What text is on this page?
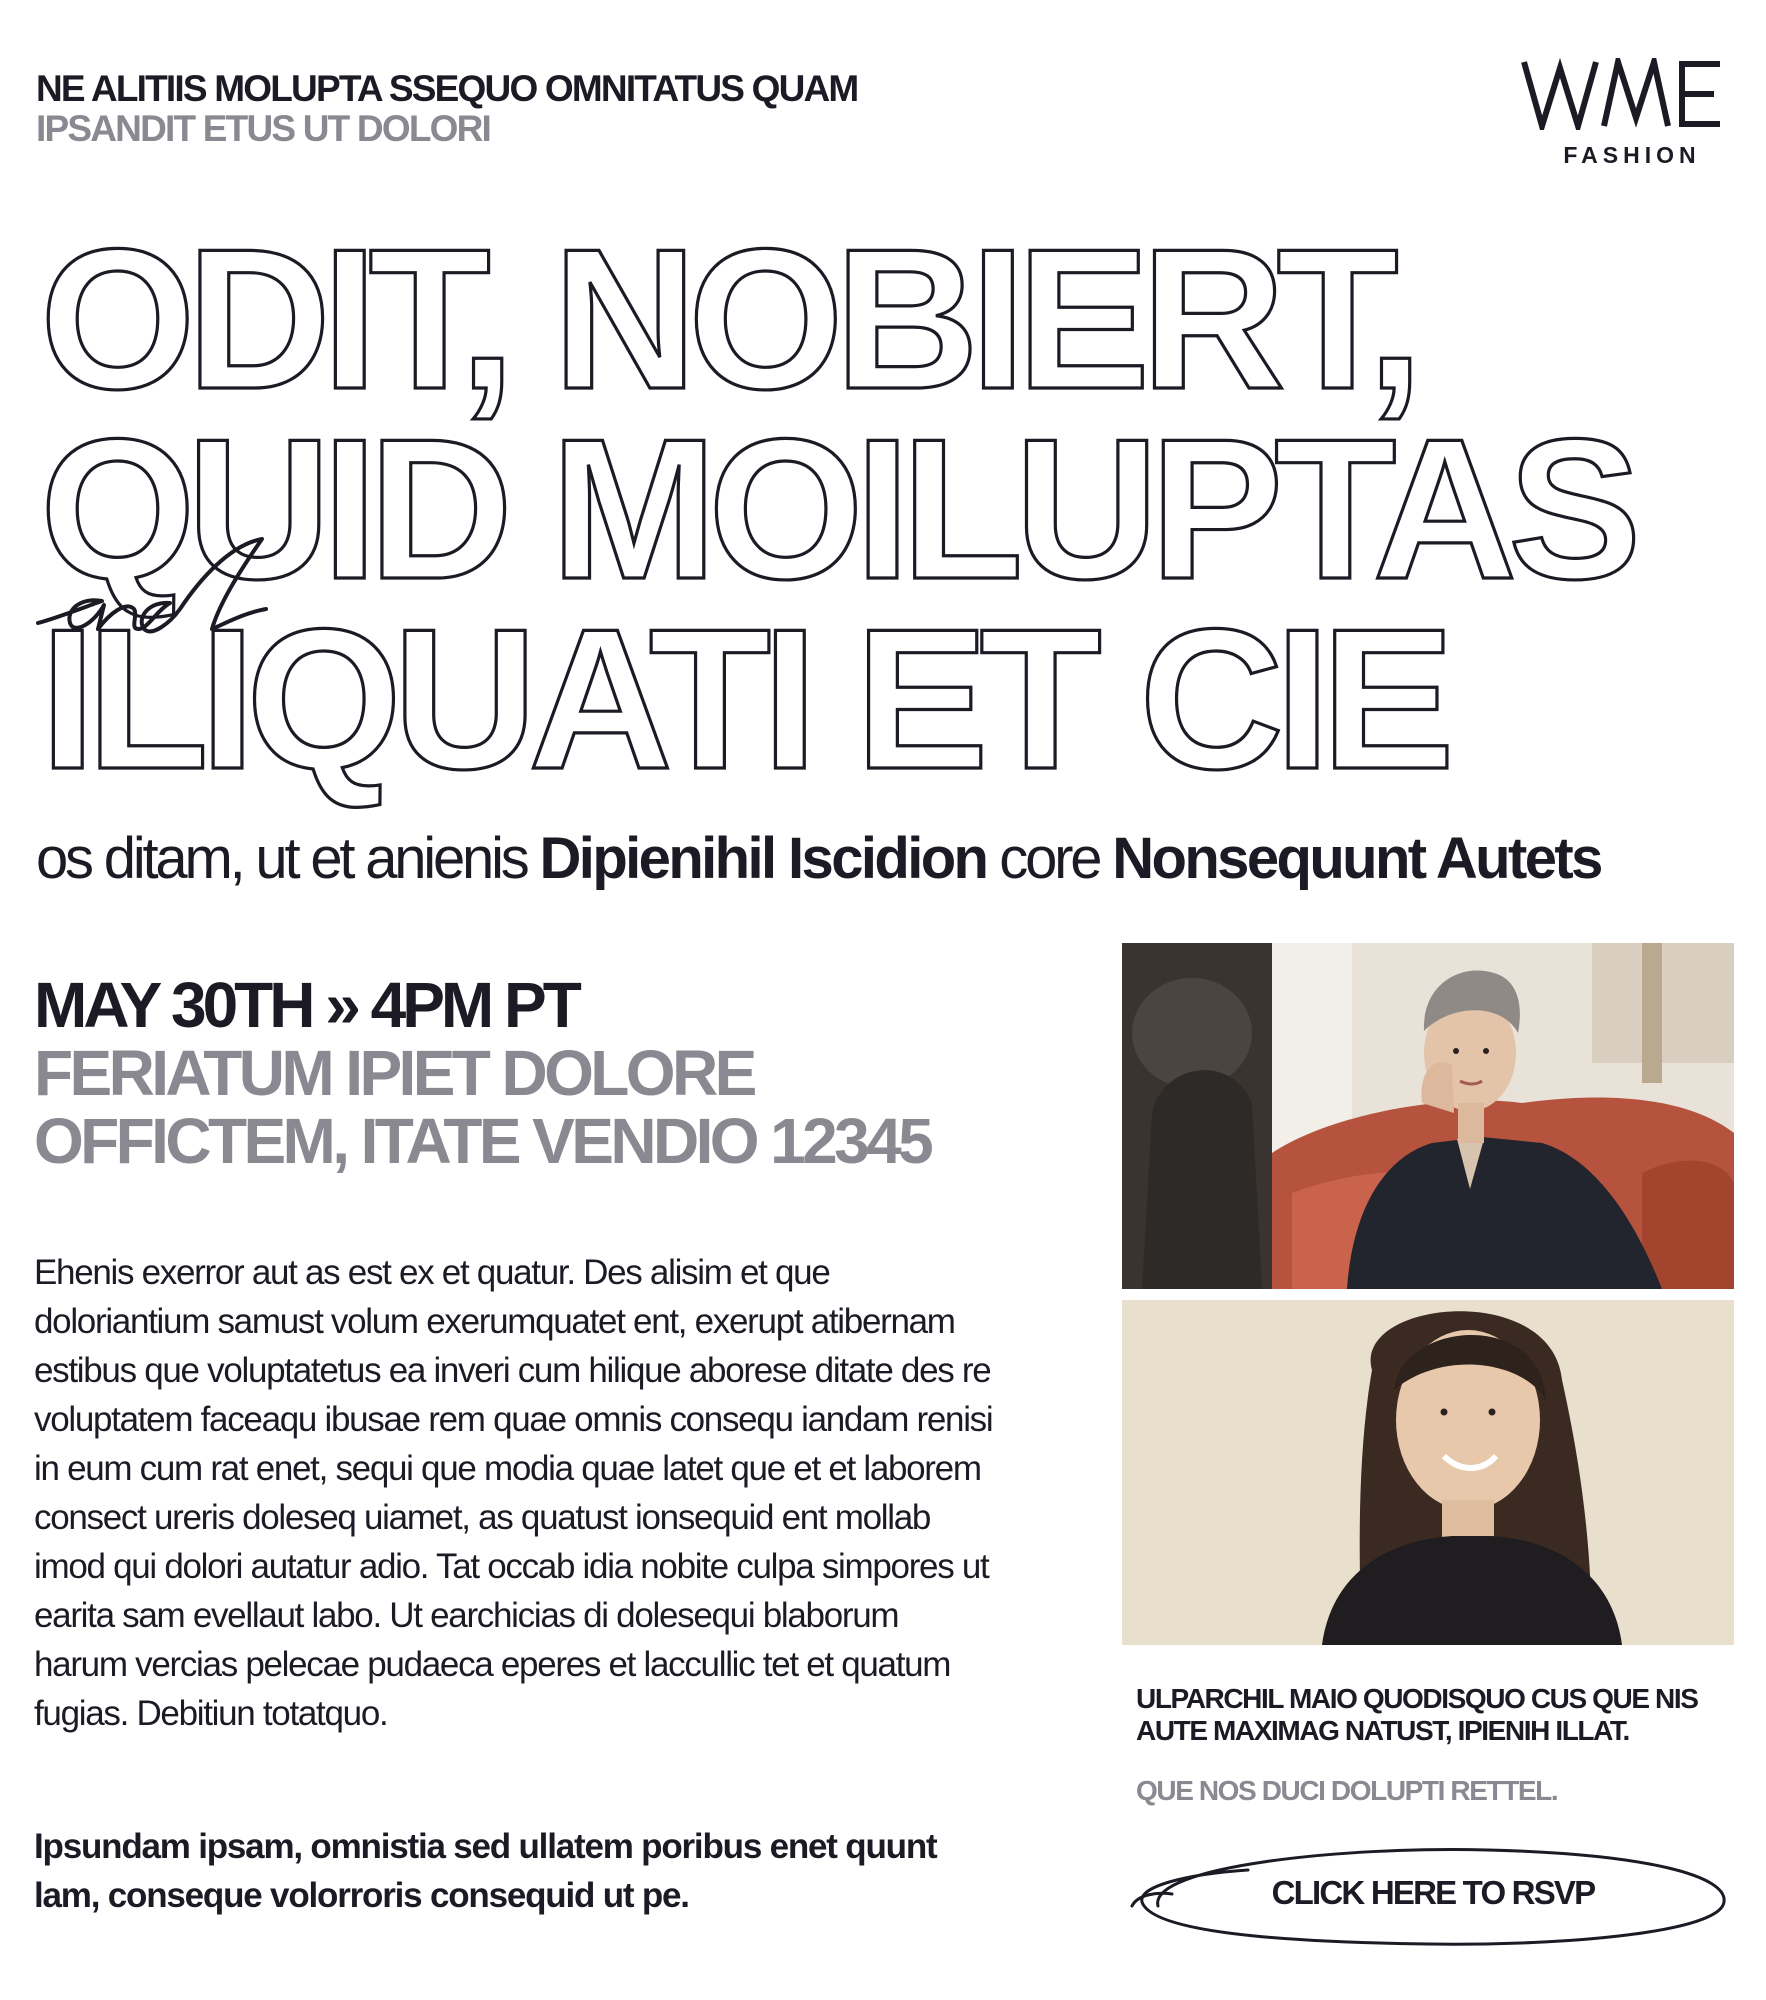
NE ALITIIS MOLUPTA SSEQUO OMNITATUS QUAM
IPSANDIT ETUS UT DOLORI
FASHION
ODIT, NOBIERT,
QUID MOILUPTAS
ILIQUATI ET CIE
os ditam, ut et anienis Dipienihil Iscidion core Nonsequunt Autets
MAY 30TH » 4PM PT
FERIATUM IPIET DOLORE
OFFICTEM, ITATE VENDIO 12345
Ehenis exerror aut as est ex et quatur. Des alisim et que doloriantium samust volum exerumquatet ent, exerupt atibernam estibus que voluptatetus ea inveri cum hilique aborese ditate des re voluptatem faceaqu ibusae rem quae omnis consequ iandam renisi in eum cum rat enet, sequi que modia quae latet que et et laborem consect ureris doleseq uiamet, as quatust ionsequid ent mollab imod qui dolori autatur adio. Tat occab idia nobite culpa simpores ut earita sam evellaut labo. Ut earchicias di dolesequi blaborum harum vercias pelecae pudaeca eperes et laccullic tet et quatum fugias. Debitiun totatquo.
Ipsundam ipsam, omnistia sed ullatem poribus enet quunt lam, conseque volorroris consequid ut pe.
ULPARCHIL MAIO QUODISQUO CUS QUE NIS AUTE MAXIMAG NATUST, IPIENIH ILLAT.
QUE NOS DUCI DOLUPTI RETTEL.
CLICK HERE TO RSVP
